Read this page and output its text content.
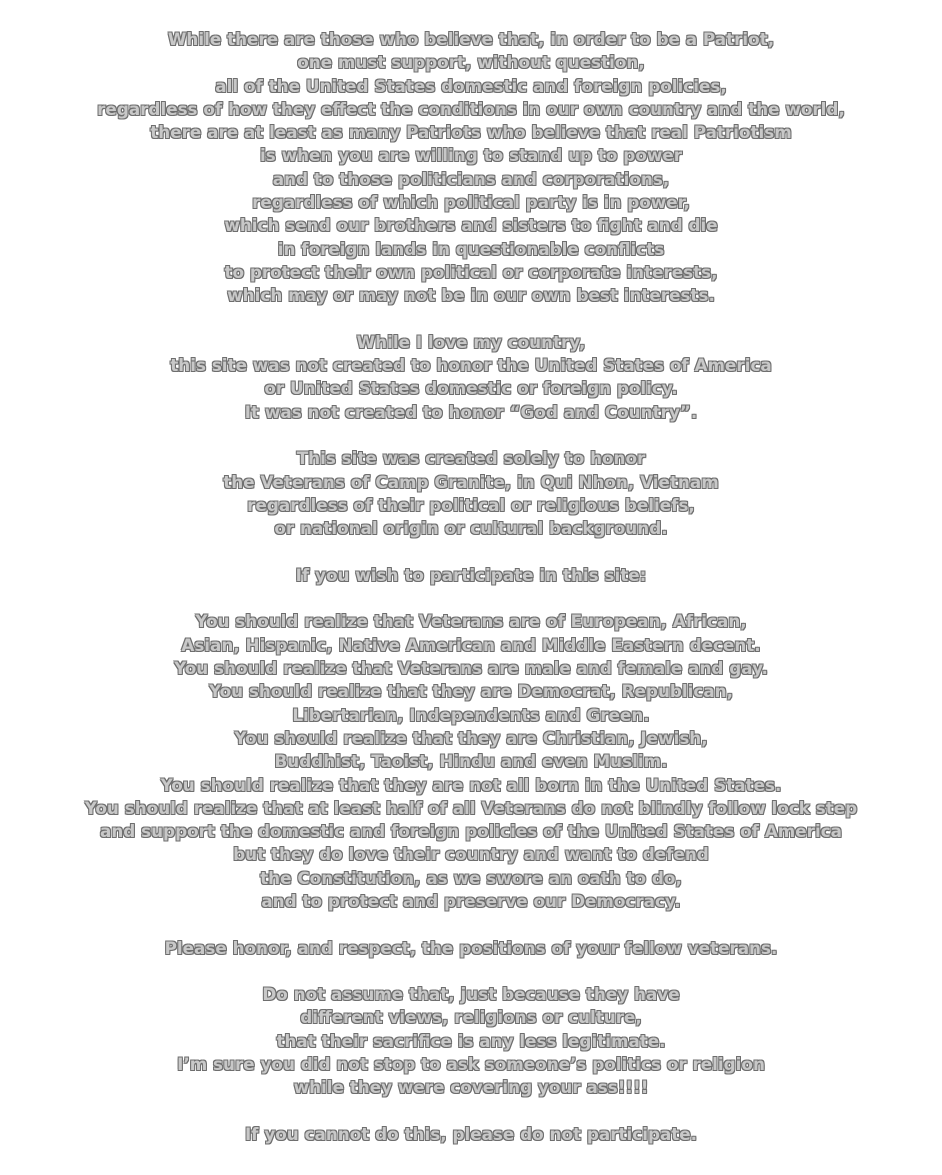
While there are those who believe that, in order to be a Patriot,
one must support, without question,
all of the United States domestic and foreign policies,
regardless of how they effect the conditions in our own country and the world,
there are at least as many Patriots who believe that real Patriotism
is when you are willing to stand up to power
and to those politicians and corporations,
regardless of which political party is in power,
which send our brothers and sisters to fight and die
in foreign lands in questionable conflicts
to protect their own political or corporate interests,
which may or may not be in our own best interests.
While I love my country,
this site was not created to honor the United States of America
or United States domestic or foreign policy.
It was not created to honor “God and Country”.
This site was created solely to honor
the Veterans of Camp Granite, in Qui Nhon, Vietnam
regardless of their political or religious beliefs,
or national origin or cultural background.
If you wish to participate in this site:
You should realize that Veterans are of European, African,
Asian, Hispanic, Native American and Middle Eastern decent.
You should realize that Veterans are male and female and gay.
You should realize that they are Democrat, Republican,
Libertarian, Independents and Green.
You should realize that they are Christian, Jewish,
Buddhist, Taoist, Hindu and even Muslim.
You should realize that they are not all born in the United States.
You should realize that at least half of all Veterans do not blindly follow lock step
and support the domestic and foreign policies of the United States of America
but they do love their country and want to defend
the Constitution, as we swore an oath to do,
and to protect and preserve our Democracy.
Please honor, and respect, the positions of your fellow veterans.
Do not assume that, just because they have
different views, religions or culture,
that their sacrifice is any less legitimate.
I’m sure you did not stop to ask someone’s politics or religion
while they were covering your ass!!!!
If you cannot do this, please do not participate.
